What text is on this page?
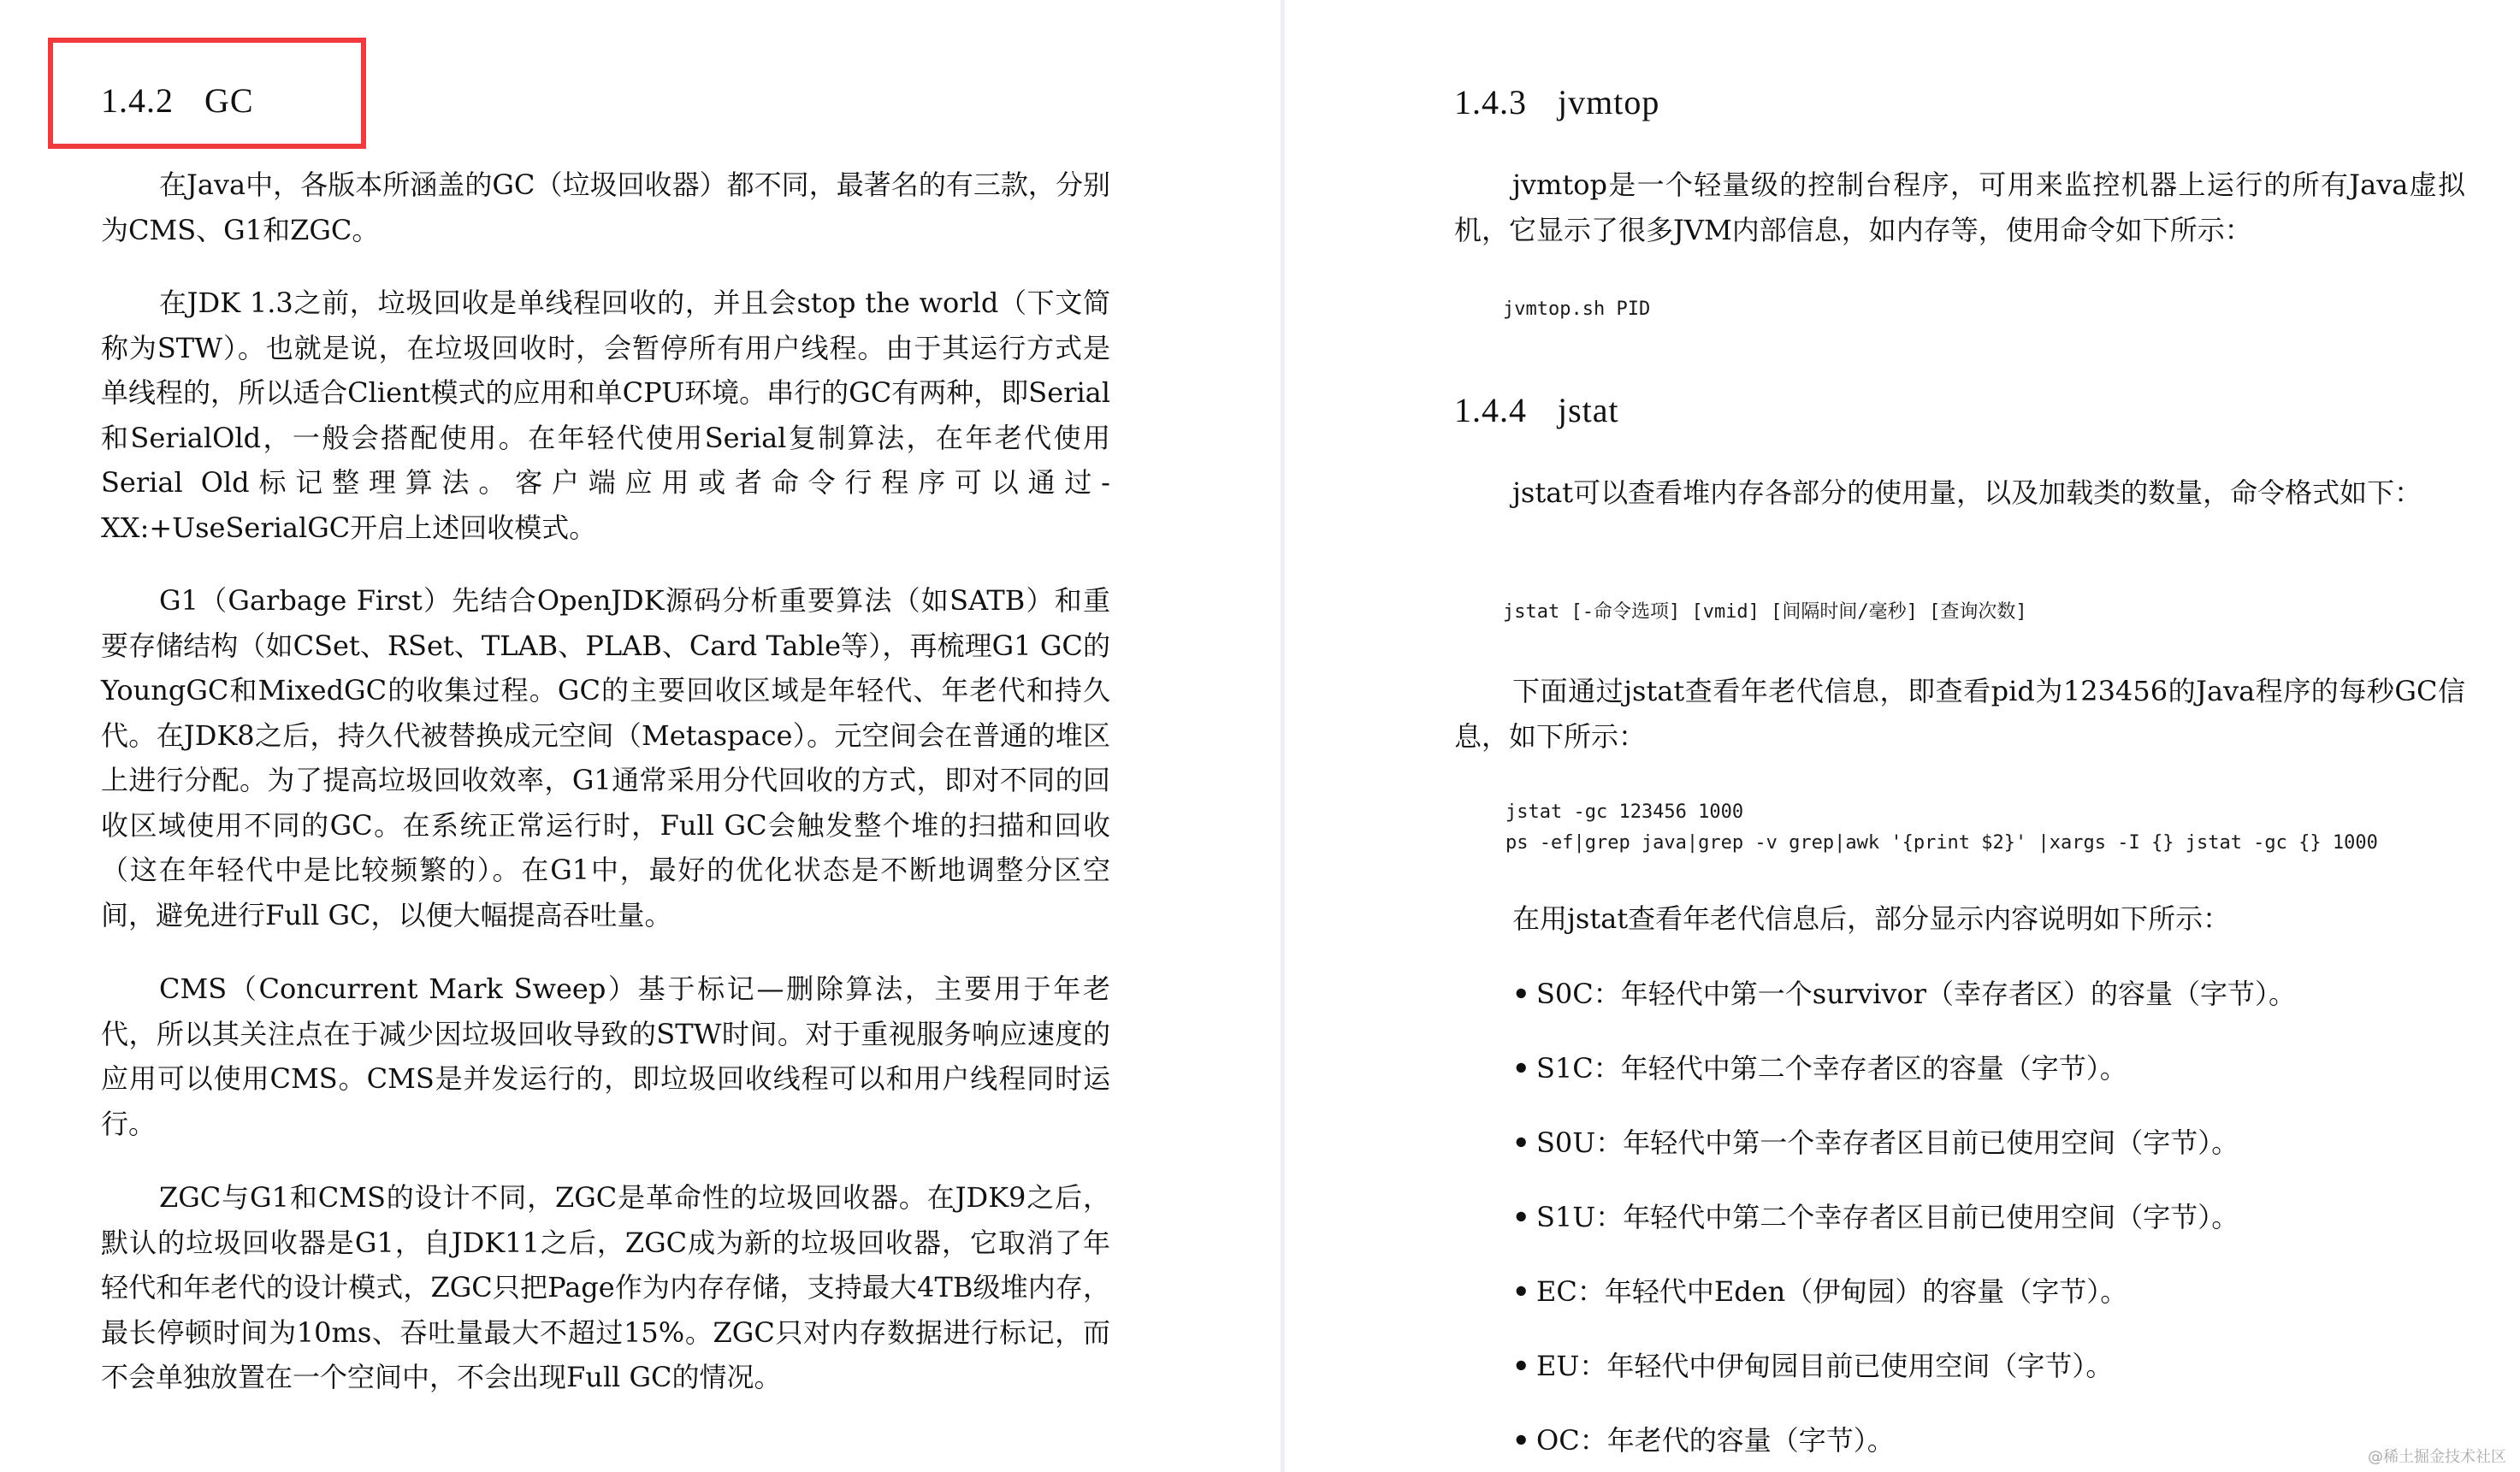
1.4.2 GC

在Java中，各版本所涵盖的GC（垃圾回收器）都不同，最著名的有三款，分别为CMS、G1和ZGC。

在JDK 1.3之前，垃圾回收是单线程回收的，并且会stop the world（下文简称为STW）。也就是说，在垃圾回收时，会暂停所有用户线程。由于其运行方式是单线程的，所以适合Client模式的应用和单CPU环境。串行的GC有两种，即Serial和SerialOld，一般会搭配使用。在年轻代使用Serial复制算法，在年老代使用Serial Old标记整理算法。客户端应用或者命令行程序可以通过-XX:+UseSerialGC开启上述回收模式。

G1（Garbage First）先结合OpenJDK源码分析重要算法（如SATB）和重要存储结构（如CSet、RSet、TLAB、PLAB、Card Table等），再梳理G1 GC的YoungGC和MixedGC的收集过程。GC的主要回收区域是年轻代、年老代和持久代。在JDK8之后，持久代被替换成元空间（Metaspace）。元空间会在普通的堆区上进行分配。为了提高垃圾回收效率，G1通常采用分代回收的方式，即对不同的回收区域使用不同的GC。在系统正常运行时，Full GC会触发整个堆的扫描和回收（这在年轻代中是比较频繁的）。在G1中，最好的优化状态是不断地调整分区空间，避免进行Full GC，以便大幅提高吞吐量。

CMS（Concurrent Mark Sweep）基于标记—删除算法，主要用于年老代，所以其关注点在于减少因垃圾回收导致的STW时间。对于重视服务响应速度的应用可以使用CMS。CMS是并发运行的，即垃圾回收线程可以和用户线程同时运行。

ZGC与G1和CMS的设计不同，ZGC是革命性的垃圾回收器。在JDK9之后，默认的垃圾回收器是G1，自JDK11之后，ZGC成为新的垃圾回收器，它取消了年轻代和年老代的设计模式，ZGC只把Page作为内存存储，支持最大4TB级堆内存，最长停顿时间为10ms、吞吐量最大不超过15%。ZGC只对内存数据进行标记，而不会单独放置在一个空间中，不会出现Full GC的情况。

1.4.3 jvmtop

jvmtop是一个轻量级的控制台程序，可用来监控机器上运行的所有Java虚拟机，它显示了很多JVM内部信息，如内存等，使用命令如下所示：

jvmtop.sh PID
1.4.4 jstat

jstat可以查看堆内存各部分的使用量，以及加载类的数量，命令格式如下：

jstat [-命令选项] [vmid] [间隔时间/毫秒] [查询次数]

下面通过jstat查看年老代信息，即查看pid为123456的Java程序的每秒GC信息，如下所示：

jstat -gc 123456 1000
ps -ef|grep java|grep -v grep|awk '{print $2}' |xargs -I {} jstat -gc {} 1000

在用jstat查看年老代信息后，部分显示内容说明如下所示：

• S0C：年轻代中第一个survivor（幸存者区）的容量（字节）。
• S1C：年轻代中第二个幸存者区的容量（字节）。
• S0U：年轻代中第一个幸存者区目前已使用空间（字节）。
• S1U：年轻代中第二个幸存者区目前已使用空间（字节）。
• EC：年轻代中Eden（伊甸园）的容量（字节）。
• EU：年轻代中伊甸园目前已使用空间（字节）。
• OC：年老代的容量（字节）。
@稀土掘金技术社区
